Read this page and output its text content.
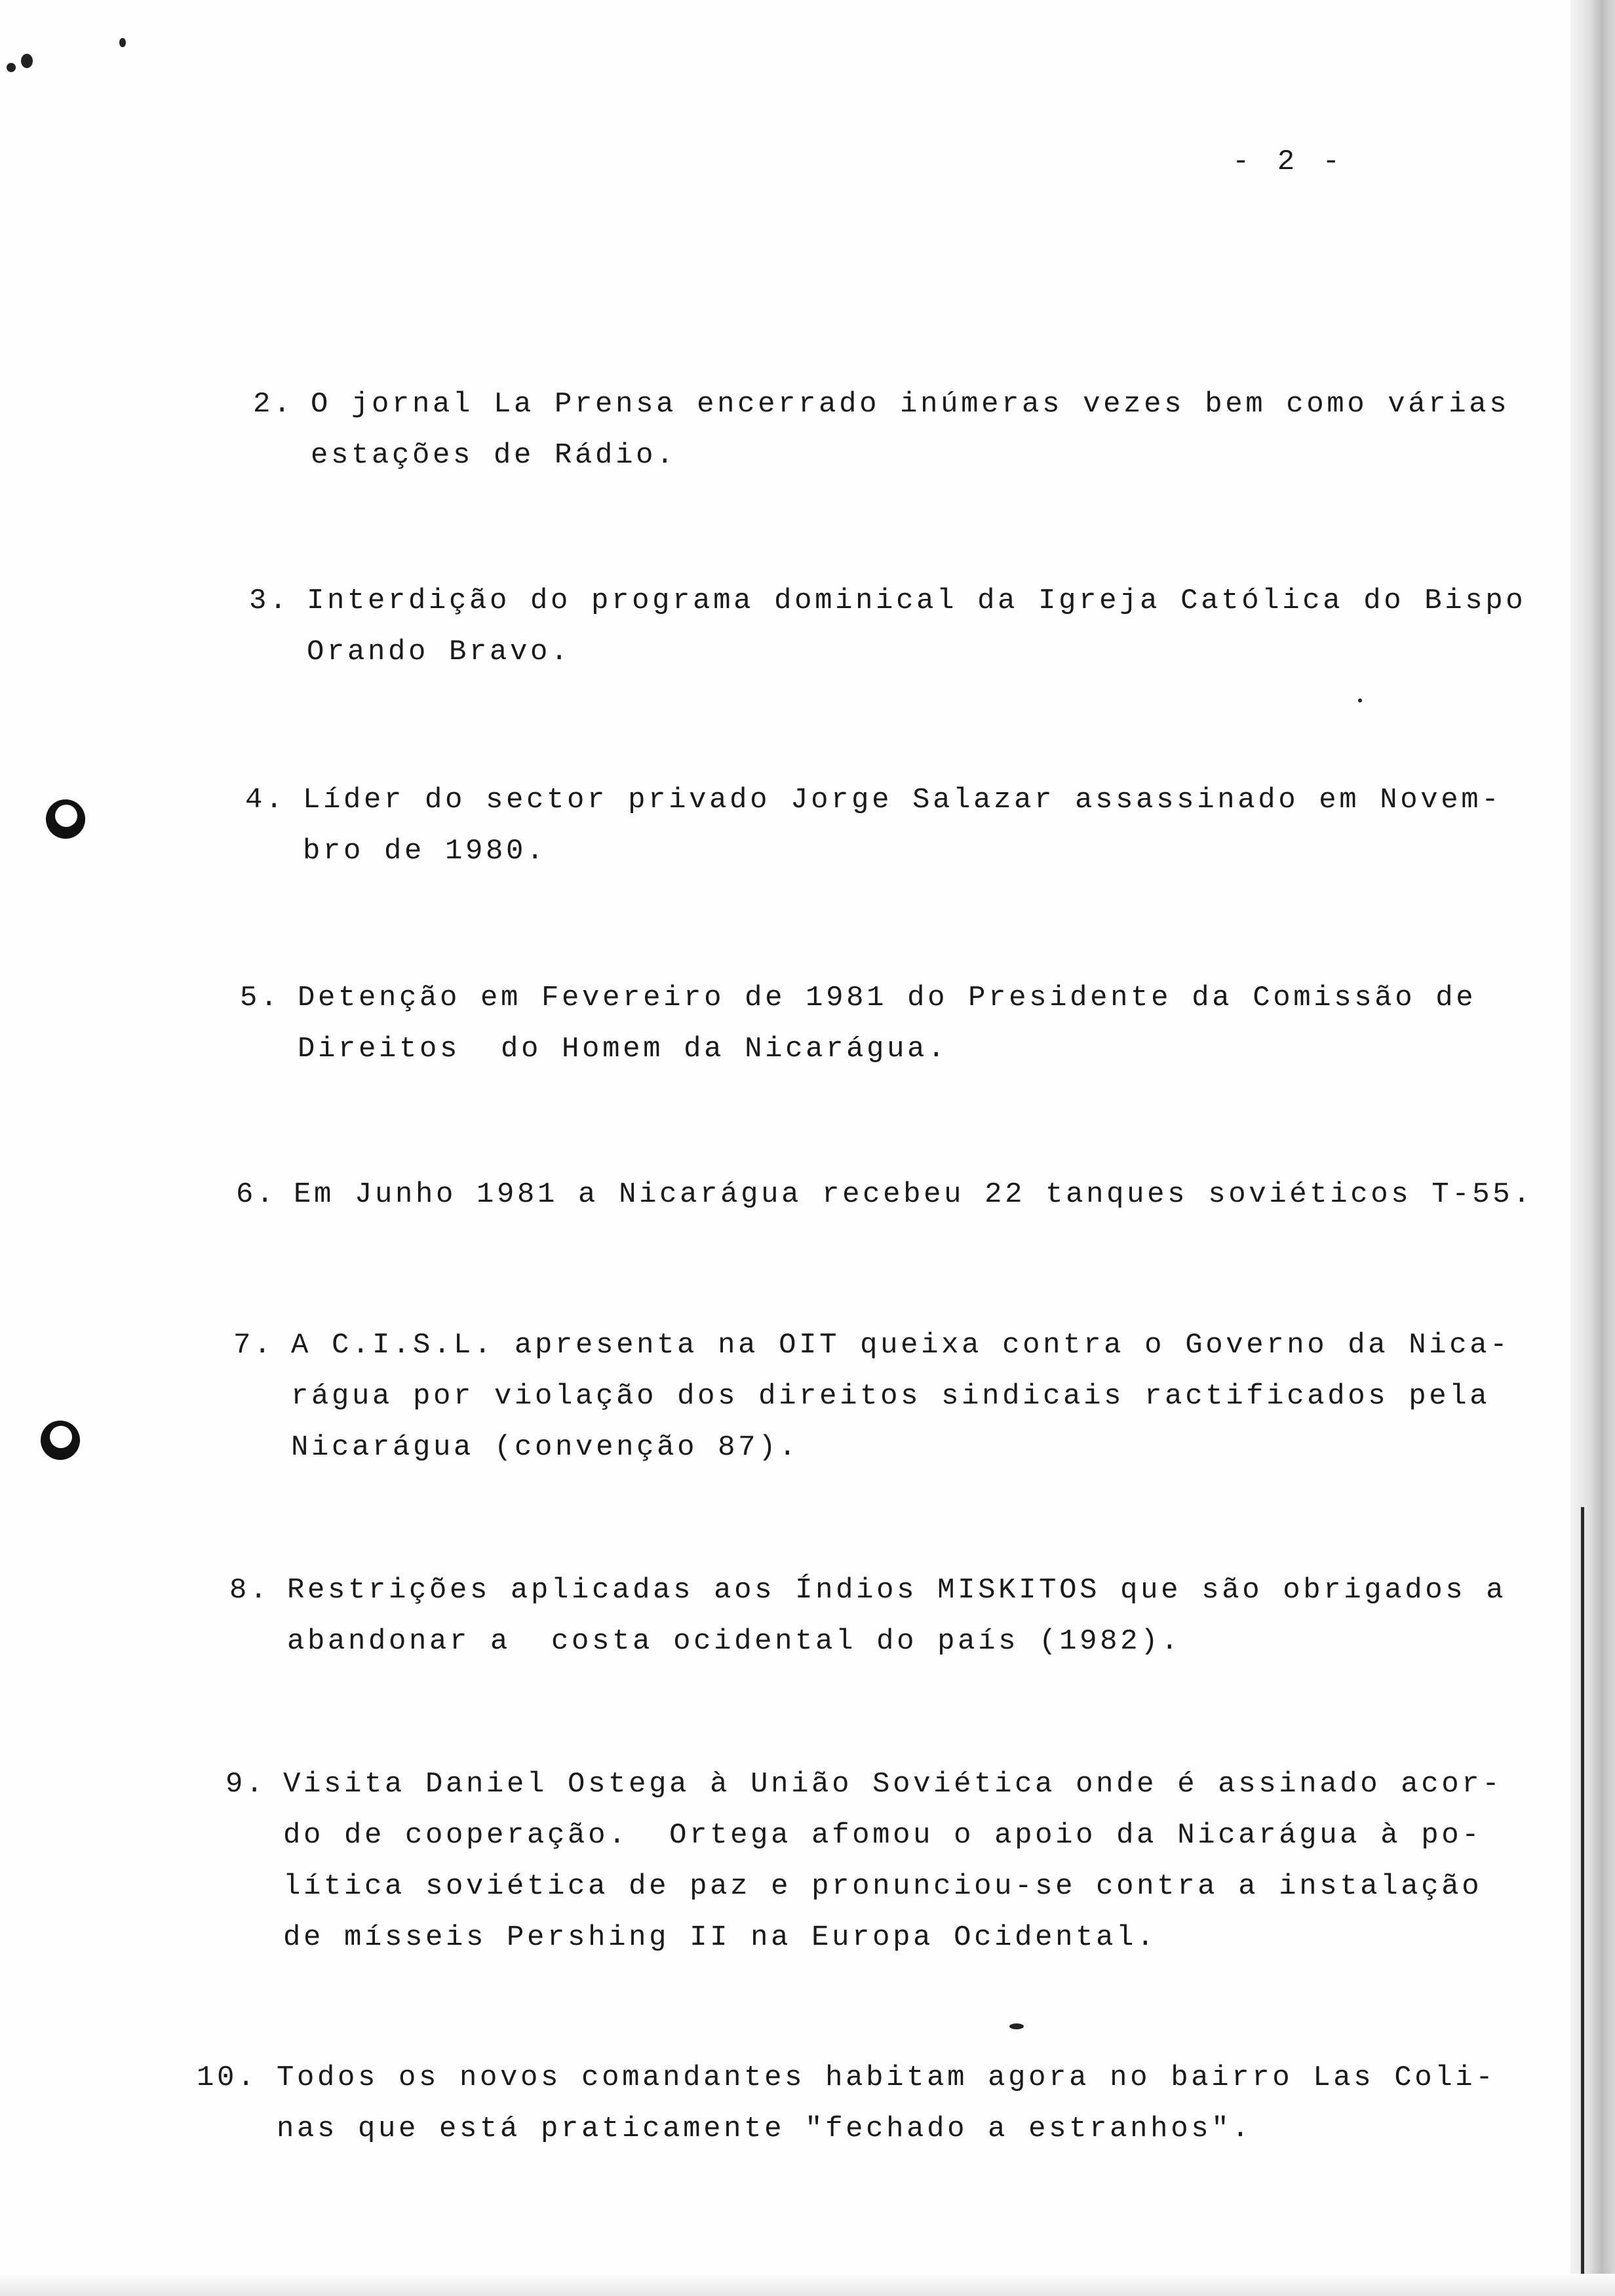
- 2 -
2. O jornal La Prensa encerrado inúmeras vezes bem como várias
estações de Rádio.
3. Interdição do programa dominical da Igreja Católica do Bispo
Orando Bravo.
4. Líder do sector privado Jorge Salazar assassinado em Novem-
bro de 1980.
5. Detenção em Fevereiro de 1981 do Presidente da Comissão de
Direitos  do Homem da Nicarágua.
6. Em Junho 1981 a Nicarágua recebeu 22 tanques soviéticos T-55.
7. A C.I.S.L. apresenta na OIT queixa contra o Governo da Nica-
rágua por violação dos direitos sindicais ractificados pela
Nicarágua (convenção 87).
8. Restrições aplicadas aos Índios MISKITOS que são obrigados a
abandonar a  costa ocidental do país (1982).
9. Visita Daniel Ostega à União Soviética onde é assinado acor-
do de cooperação.  Ortega afomou o apoio da Nicarágua à po-
lítica soviética de paz e pronunciou-se contra a instalação
de mísseis Pershing II na Europa Ocidental.
10. Todos os novos comandantes habitam agora no bairro Las Coli-
nas que está praticamente "fechado a estranhos".
